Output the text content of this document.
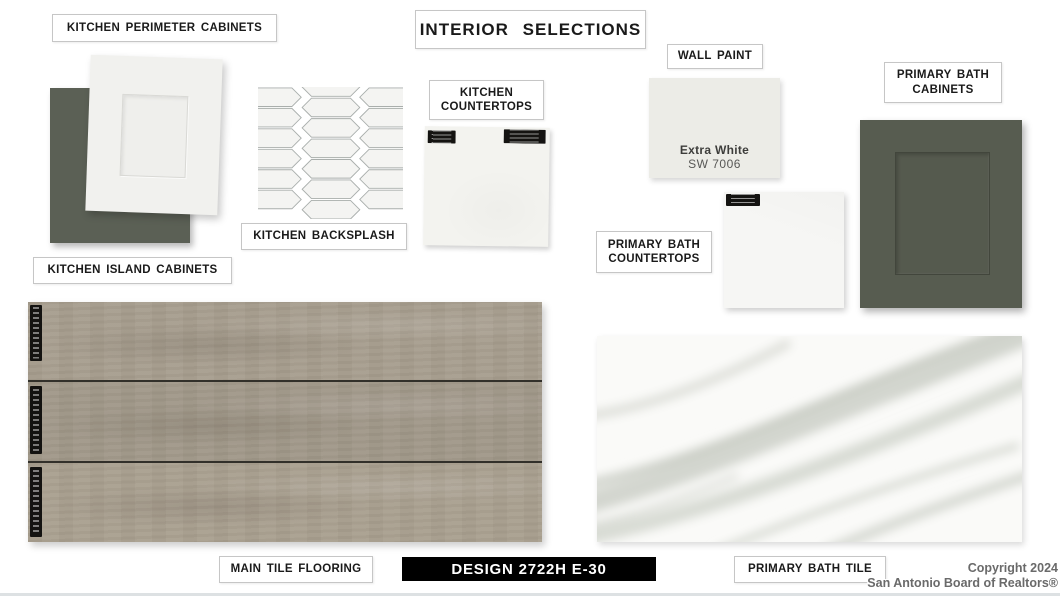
INTERIOR SELECTIONS
KITCHEN PERIMETER CABINETS
KITCHEN ISLAND CABINETS
KITCHEN BACKSPLASH
KITCHEN
COUNTERTOPS
WALL PAINT
Extra White
SW 7006
PRIMARY BATH
COUNTERTOPS
PRIMARY BATH
CABINETS
MAIN TILE FLOORING	DESIGN 2722H E-30	PRIMARY BATH TILE	Copyright 2024
San Antonio Board of Realtors®
